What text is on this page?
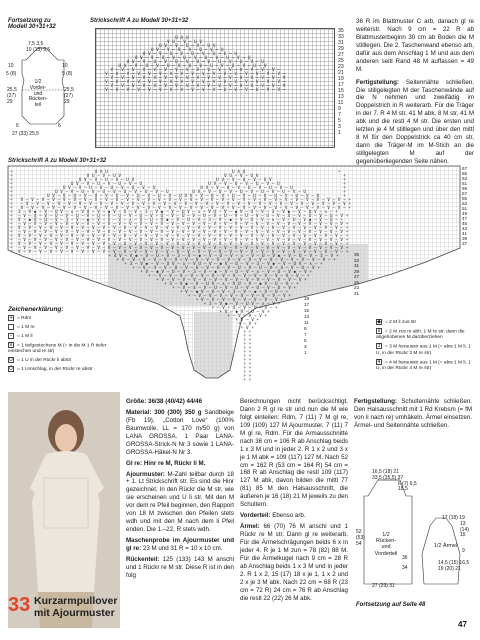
Fortsetzung zu
Modell 30+31+32
7,5 3,5
10 (13) 9,5
10	10
5 (8)	5 (8)
25,5
(27)
29
25,5
(27)
29
1/2
Vorder-
und
Rücken-
teil
6	6
27 (33) 25,5
Strickschrift A zu Modell 30+31+32

U A U
V U – V – U V
U V – V – U – V – U V
U V – V – U – V – U – V – U
U V – V – U – V – U – V – U – V – U
U V – V – U – V – U – V – U – V – U – V – U
U V – V – U – V – U – V – U – V – U – V – U – V – U
U V – V – U – V – U – V – U – V – U – V – U – V – U – V
V – V – V – V – V – V – V – V – V – V – V – V – V – V – V – V –
V – V – V – V – V – V – V – V – V – V – V – V – V – V – V – V – V –
– V – V – V – V – V – V – V – V – V – V – V – V – V – V – V – V – V
V – V – V – V – V – V – V – V – V – V – V – V – V – V – V – V – V –
– V – V – V – V – V – V – V – V – V – V – V – V – V – V – V – V – V
V – V – V – V – V – V – V – V – V – V – V – V – V – V – V – V – V –
35
33
31
29
27
25
23
21
19
17
15
13
11
9
7
5
3
1
36 R im Blattmuster C arb, danach gl re weiterstr. Nach 9 cm = 22 R ab Blattmusterbeginn 30 cm ab Boden die M stilllegen. Die 2. Taschenwand ebenso arb, dafür aus dem Anschlag 1 M und aus dem anderen seitl Rand 48 M auffassen = 49 M.
Fertigstellung: Seitennähte schließen. Die stillgelegten M der Taschenwände auf die N nehmen und zweifädig im Doppelstrich in R weiterarb. Für die Träger in der 7. R 4 M str, 41 M abk, 8 M str, 41 M abk und die restl 4 M str. Die ersten und letzten je 4 M stilllegen und über den mittl 8 M für den Doppelstrick ca 40 cm str, dann die Träger-M im M-Stich an die stillgelegten M auf der gegenüberliegenden Seite nähen.
Strickschrift A zu Modell 30+31+32

+                               U A U                                               U A U                                   +
+                            V U – V – U V                                       V U – V – U V                                +
+                         U V – V – U – V – U V                               U V – V – U – V – U V                           +
+                      U V – V – U – V – U – V – U                         U V – V – U – V – U – V – U                        +
+                   U V – V – U – V – U – V – U – V – U                 U V – V – U – V – U – V – U – V – U                   +
+                U V – V – U – V – U – V – U – V – U – V – U         U V – V – U – V – U – V – U – V – U – V – U              +
+             U V – V – U – V – U – V – U – V – U – V – U – V – U U V – V – U – V – U – V – U – V – U – V – U – V – U         +
+   V – V – V – V – V – V – V – V – V – V – V – V – V – V – V – V – V – V – V – V – V – V – V – V – V – V – V – V – V – V – V – +
+   – V – V – V – V – V – V – V – V – V – V – V – V – V – V – V – V – V – V – V – V – V – V – V – V – V – V – V – V – V – V – V +
+   V – V – V – V – V – V – V – V – V – V – V – V – V – V – V – V – V – V – V – V – V – V – V – V – V – V – V – V – V – V – V – +
+  3 – V ◆ – V – U V – ∧ – V U – V – ◆ V – U – V – 3 – V ◆ – V – U V – ∧ – V U – V – ◆ V – U – V – 3 – V ◆ – V – U V – ∧ – +
+  – V – 4 – V – U – V – U – V – U – V – U – V – U – V – 4 – V – U – V – U – V – U – V – U – V – U – V – 4 – V – U – V – U – V +
+  V – ◆ V – U – V – 3 – V – ◆ – V – U – V – ∧ – V – U – V ◆ – V – U – V – 3 – V – ◆ – V – U – V – ∧ – V – U – V ◆ – V – U – +
+  – V – V – V – V – V – V – V – V – V – V – V – V – V – V – V – V – V – V – V – V – V – V – V – V – V – V – V – V – V – V – V +
+  V – V – V – V – V – V – V – V – V – V – V – V – V – V – V – V – V – V – V – V – V – V – V – V – V – V – V – V – V – V – V – +
+  – V – V – V – V – V – V – V – V – V – V – V – V – V – V – V – V – V – V – V – V – V – V – V – V – V – V – V – V – V – V – V +
+  V – V – V – V – V – V – V – V – V – V – V – V – V – V – V – V – V – V – V – V – V – V – V – V – V – V – V – V – V – V – V – +
+  – V – V – V – V – V – V – V – V – V – V – V – V – V – V – V – V – V – V – V – V – V – V – V – V – V – V – V – V – V – V – V +
+  V – V – V – V – V – V – V – V – V – V – V – V – V – V – V – V – V – V – V – V – V – V – V – V – V – V – V – V – V – V – V – +
+  – V – V – V – V – V – V – V – V – V – V – V – V – V – V – V – V – V – V – V – V – V – V – V – V – V – V – V – V – V – V – V +
+  V – V – V – V – V – V – V – V – V – V – V – V – V – V – V – V – V – V – V – V – V – V – V – V – V – V – V – V – V – V – V – +

+ 4 V – V ◆ – V – U – V – 3 – V – ◆ – V – U – V – ∧ – V – U – V ◆ – V – U – V – 3 – V +
+ V – V – V – V – V – V – V – V – V – V – V – V – V – V – V – V – V – V – V – V – +
+ 3 – V ◆ – V – U V – ∧ – V U – V – ◆ V – U – V – 3 – V ◆ – V – U V – ∧ – +
+ – V – 4 – V – U – V – U – V – U – V – U – V – U – V – 4 – V – U – V +
+ V – ◆ V – U – V – 3 – V – ◆ – V – U – V – ∧ – V – U – V ◆ – V +
+ – V – V – V – V – V – V – V – V – V – V – V – V – V – V – +
+ V – V – V – V – V – V – V – V – V – V – V – V – V – V +
+ 3 – V ◆ – V – U V – ∧ – V U – V – ◆ V – U – V – +
+ – V – 4 – V – U – V – U – V – U – V – U – V +
+ V – ◆ V – U – V – 3 – V – ◆ – V – U – +
+ – V – V – V – V – V – V – V – V – V +
+ V – V – V – V – V – V – V – V +
+ 3 – V ◆ – V – U V – ∧ – V +
+ – V – 4 – V – U – V – +
+ V – ◆ V – U – V +
+ – V – V – V +
+ V – V +
+ – V +
+ V +
+ +
+ +
+ +
+ +
+ +
+ +
+ +
+ +
+ +
+ +
+ +
+ +
+ +
67
65
63
61
59
57
55
53
51
49
47
45
43
41
39
37
35
33
31
29
27
25
23
21
19
17
15
13
11
9
7
5
3
1
Zeichenerklärung:
+ = Rdm
= 1 M re
– = 1 M li
V = 1 tiefgestochene M (= in die M 1 R tiefer einstechen und re str)
U = 1 U in der Rückr li abstr
Ü = 1 Umschlag, in der Rückr re abstr
◆ = 2 M li zus str
∧ = 2 M zus re abh, 1 M re str, dann die abgehobenen M darüberziehen
3 = 3 M herausstr aus 1 M (= abw 1 M li, 1 U, in der Rückr 3 M re str)
4 = 4 M herausstr aus 1 M (= abw 1 M li, 1 U, in der Rückr 4 M re str)
33 Kurzarmpullover
mit Ajourmuster
Größe: 36/38 (40/42) 44/46
Material: 300 (300) 350 g Sandbeige (Fb 19), „Cotton Love“ (100% Baumwolle, LL = 170 m/50 g) von LANA GROSSA. 1 Paar LANA-GROSSA-Strick-N Nr 3 sowie 1 LANA-GROSSA-Häkel-N Nr 3.
Gl re: Hinr re M, Rückr li M.
Ajourmuster: M-Zahl teilbar durch 18 + 1. Lt Strickschrift str. Es sind die Hinr gezeichnet. In den Rückr die M str, wie sie erscheinen und U li str. Mit den M vor dem re Pfeil beginnen, den Rapport von 18 M zwischen den Pfeilen stets wdh und mit den M nach dem li Pfeil enden. Die 1.–22. R stets wdh.
Maschenprobe im Ajourmuster und gl re: 23 M und 31 R = 10 x 10 cm.
Rückenteil: 125 (133) 143 M anschl und 1 Rückr re M str. Diese R ist in den folg
Berechnungen nicht berücksichtigt. Dann 2 R gl re str und nun die M wie folgt einteilen: Rdm, 7 (11) 7 M gl re, 109 (109) 127 M Ajourmuster, 7 (11) 7 M gl re, Rdm. Für die Armausschnitte nach 36 cm = 106 R ab Anschlag beids 1 x 3 M und in jeder 2. R 1 x 2 und 3 x je 1 M abk = 109 (117) 127 M. Nach 52 cm = 162 R (53 cm = 164 R) 54 cm = 168 R ab Anschlag die restl 109 (117) 127 M abk, davon bilden die mittl 77 (81) 85 M den Halsausschnitt, die äußeren je 16 (18) 21 M jeweils zu den Schultern.
Vorderteil: Ebenso arb.
Ärmel: 66 (70) 76 M anschl und 1 Rückr re M str. Dann gl re weiterarb. Für die Ärmelschrägungen beids 6 x in jeder 4. R je 1 M zun = 78 (82) 88 M. Für die Ärmelkugel nach 9 cm = 28 R ab Anschlag beids 1 x 3 M und in jeder 2. R 1 x 2, 15 (17) 18 x je 1, 1 x 2 und 2 x je 3 M abk. Nach 22 cm = 68 R (23 cm = 72 R) 24 cm = 76 R ab Anschlag die restl 22 (22) 26 M abk.
Fertigstellung: Schulternähte schließen. Den Halsausschnitt mit 1 Rd Krebsm (= fM von li nach re) umhäkeln. Ärmel einsetzen. Ärmel- und Seitennähte schließen.
16,5 (18) 21
33,5 (35,5) 37
6 (7) 6,5
18,5
52
(53)
54
1/2
Rücken-
und
Vorderteil
36
34
27 (29) 31
17 (18) 19
13 (14) 15
1/2 Ärmel
9
14,5 (15) 16,5
19 (20) 21
Fortsetzung auf Seite 48
47
